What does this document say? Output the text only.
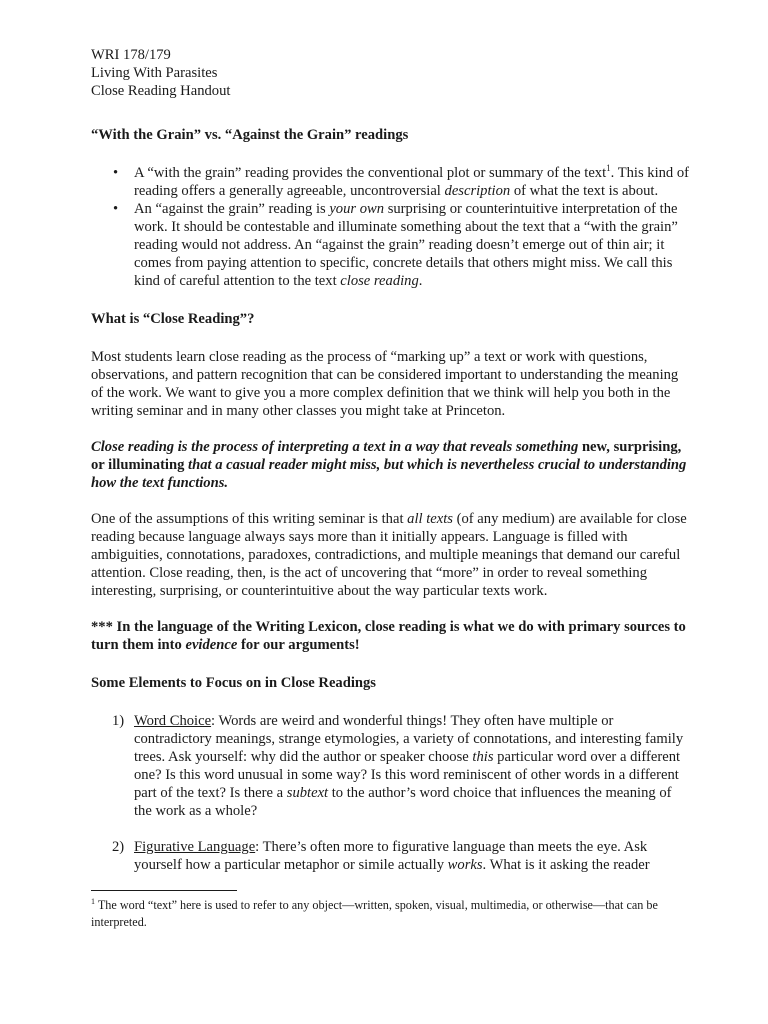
WRI 178/179

Living With Parasites

Close Reading Handout

“With the Grain” vs. “Against the Grain” readings

• A “with the grain” reading provides the conventional plot or summary of the text$^1$. This kind of reading offers a generally agreeable, uncontroversial description of what the text is about.
• An “against the grain” reading is your own surprising or counterintuitive interpretation of the work. It should be contestable and illuminate something about the text that a “with the grain” reading would not address. An “against the grain” reading doesn’t emerge out of thin air; it comes from paying attention to specific, concrete details that others might miss. We call this kind of careful attention to the text close reading.

What is “Close Reading”?

Most students learn close reading as the process of “marking up” a text or work with questions, observations, and pattern recognition that can be considered important to understanding the meaning of the work. We want to give you a more complex definition that we think will help you both in the writing seminar and in many other classes you might take at Princeton.

Close reading is the process of interpreting a text in a way that reveals something new, surprising, or illuminating that a casual reader might miss, but which is nevertheless crucial to understanding how the text functions.

One of the assumptions of this writing seminar is that all texts (of any medium) are available for close reading because language always says more than it initially appears. Language is filled with ambiguities, connotations, paradoxes, contradictions, and multiple meanings that demand our careful attention. Close reading, then, is the act of uncovering that “more” in order to reveal something interesting, surprising, or counterintuitive about the way particular texts work.

*** In the language of the Writing Lexicon, close reading is what we do with primary sources to turn them into evidence for our arguments!

Some Elements to Focus on in Close Readings

1) Word Choice: Words are weird and wonderful things! They often have multiple or contradictory meanings, strange etymologies, a variety of connotations, and interesting family trees. Ask yourself: why did the author or speaker choose this particular word over a different one? Is this word unusual in some way? Is this word reminiscent of other words in a different part of the text? Is there a subtext to the author’s word choice that influences the meaning of the work as a whole?
2) Figurative Language: There’s often more to figurative language than meets the eye. Ask yourself how a particular metaphor or simile actually works. What is it asking the reader

$^1$ The word “text” here is used to refer to any object—written, spoken, visual, multimedia, or otherwise—that can be interpreted.
